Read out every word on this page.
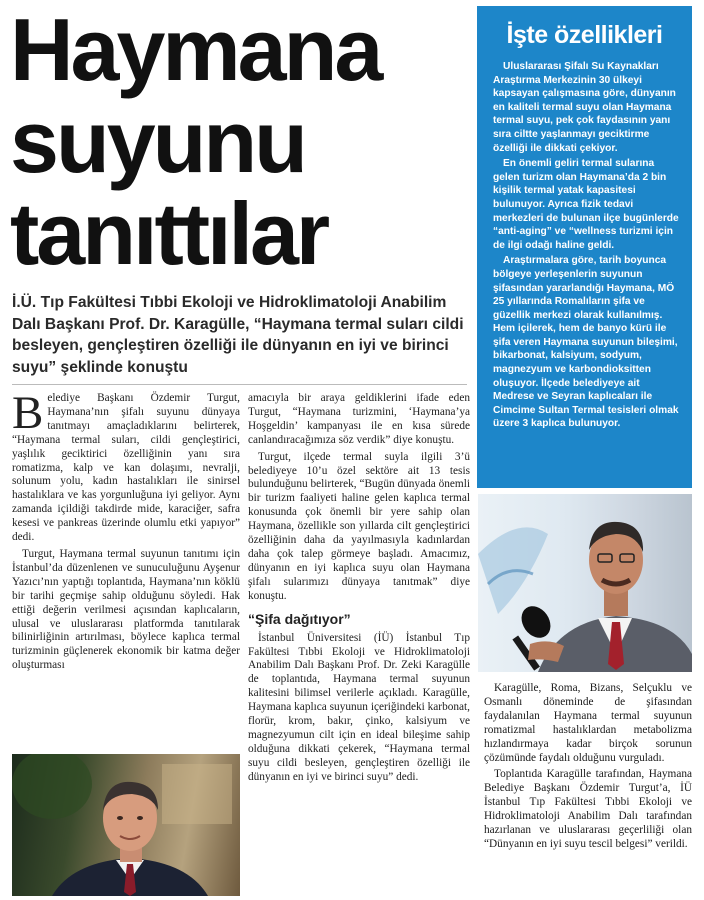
Haymana
suyunu
tanıttılar
İ.Ü. Tıp Fakültesi Tıbbi Ekoloji ve Hidroklimatoloji Anabilim Dalı Başkanı Prof. Dr. Karagülle, “Haymana termal suları cildi besleyen, gençleştiren özelliği ile dünyanın en iyi ve birinci suyu” şeklinde konuştu

Belediye Başkanı Özdemir Turgut, Haymana’nın şifalı suyunu dünyaya tanıtmayı amaçladıklarını belirterek, “Haymana termal suları, cildi gençleştirici, yaşlılık geciktirici özelliğinin yanı sıra romatizma, kalp ve kan dolaşımı, nevralji, solunum yolu, kadın hastalıkları ile sinirsel hastalıklara ve kas yorgunluğuna iyi geliyor. Aynı zamanda içildiği takdirde mide, karaciğer, safra kesesi ve pankreas üzerinde olumlu etki yapıyor” dedi.

Turgut, Haymana termal suyunun tanıtımı için İstanbul’da düzenlenen ve sunuculuğunu Ayşenur Yazıcı’nın yaptığı toplantıda, Haymana’nın köklü bir tarihi geçmişe sahip olduğunu söyledi. Hak ettiği değerin verilmesi açısından kaplıcaların, ulusal ve uluslararası platformda tanıtılarak bilinirliğinin artırılması, böylece kaplıca termal turizminin güçlenerek ekonomik bir katma değer oluşturması

amacıyla bir araya geldiklerini ifade eden Turgut, “Haymana turizmini, ‘Haymana’ya Hoşgeldin’ kampanyası ile en kısa sürede canlandıracağımıza söz verdik” diye konuştu.

Turgut, ilçede termal suyla ilgili 3’ü belediyeye 10’u özel sektöre ait 13 tesis bulunduğunu belirterek, “Bugün dünyada önemli bir turizm faaliyeti haline gelen kaplıca termal konusunda çok önemli bir yere sahip olan Haymana, özellikle son yıllarda cilt gençleştirici özelliğinin daha da yayılmasıyla kadınlardan daha çok talep görmeye başladı. Amacımız, dünyanın en iyi kaplıca suyu olan Haymana şifalı sularımızı dünyaya tanıtmak” diye konuştu.

“Şifa dağıtıyor”

İstanbul Üniversitesi (İÜ) İstanbul Tıp Fakültesi Tıbbi Ekoloji ve Hidroklimatoloji Anabilim Dalı Başkanı Prof. Dr. Zeki Karagülle de toplantıda, Haymana termal suyunun kalitesini bilimsel verilerle açıkladı. Karagülle, Haymana kaplıca suyunun içeriğindeki karbonat, florür, krom, bakır, çinko, kalsiyum ve magnezyumun cilt için en ideal bileşime sahip olduğuna dikkati çekerek, “Haymana termal suyu cildi besleyen, gençleştiren özelliği ile dünyanın en iyi ve birinci suyu” dedi.

İşte özellikleri

Uluslararası Şifalı Su Kaynakları Araştırma Merkezinin 30 ülkeyi kapsayan çalışmasına göre, dünyanın en kaliteli termal suyu olan Haymana termal suyu, pek çok faydasının yanı sıra ciltte yaşlanmayı geciktirme özelliği ile dikkati çekiyor.

En önemli geliri termal sularına gelen turizm olan Haymana’da 2 bin kişilik termal yatak kapasitesi bulunuyor. Ayrıca fizik tedavi merkezleri de bulunan ilçe bugünlerde “anti-aging” ve “wellness turizmi için de ilgi odağı haline geldi.

Araştırmalara göre, tarih boyunca bölgeye yerleşenlerin suyunun şifasından yararlandığı Haymana, MÖ 25 yıllarında Romalıların şifa ve güzellik merkezi olarak kullanılmış. Hem içilerek, hem de banyo kürü ile şifa veren Haymana suyunun bileşimi, bikarbonat, kalsiyum, sodyum, magnezyum ve karbondioksitten oluşuyor. İlçede belediyeye ait Medrese ve Seyran kaplıcaları ile Cimcime Sultan Termal tesisleri olmak üzere 3 kaplıca bulunuyor.

Karagülle, Roma, Bizans, Selçuklu ve Osmanlı döneminde de şifasından faydalanılan Haymana termal suyunun romatizmal hastalıklardan metabolizma hızlandırmaya kadar birçok sorunun çözümünde faydalı olduğunu vurguladı.

Toplantıda Karagülle tarafından, Haymana Belediye Başkanı Özdemir Turgut’a, İÜ İstanbul Tıp Fakültesi Tıbbi Ekoloji ve Hidroklimatoloji Anabilim Dalı tarafından hazırlanan ve uluslararası geçerliliği olan “Dünyanın en iyi suyu tescil belgesi” verildi.
